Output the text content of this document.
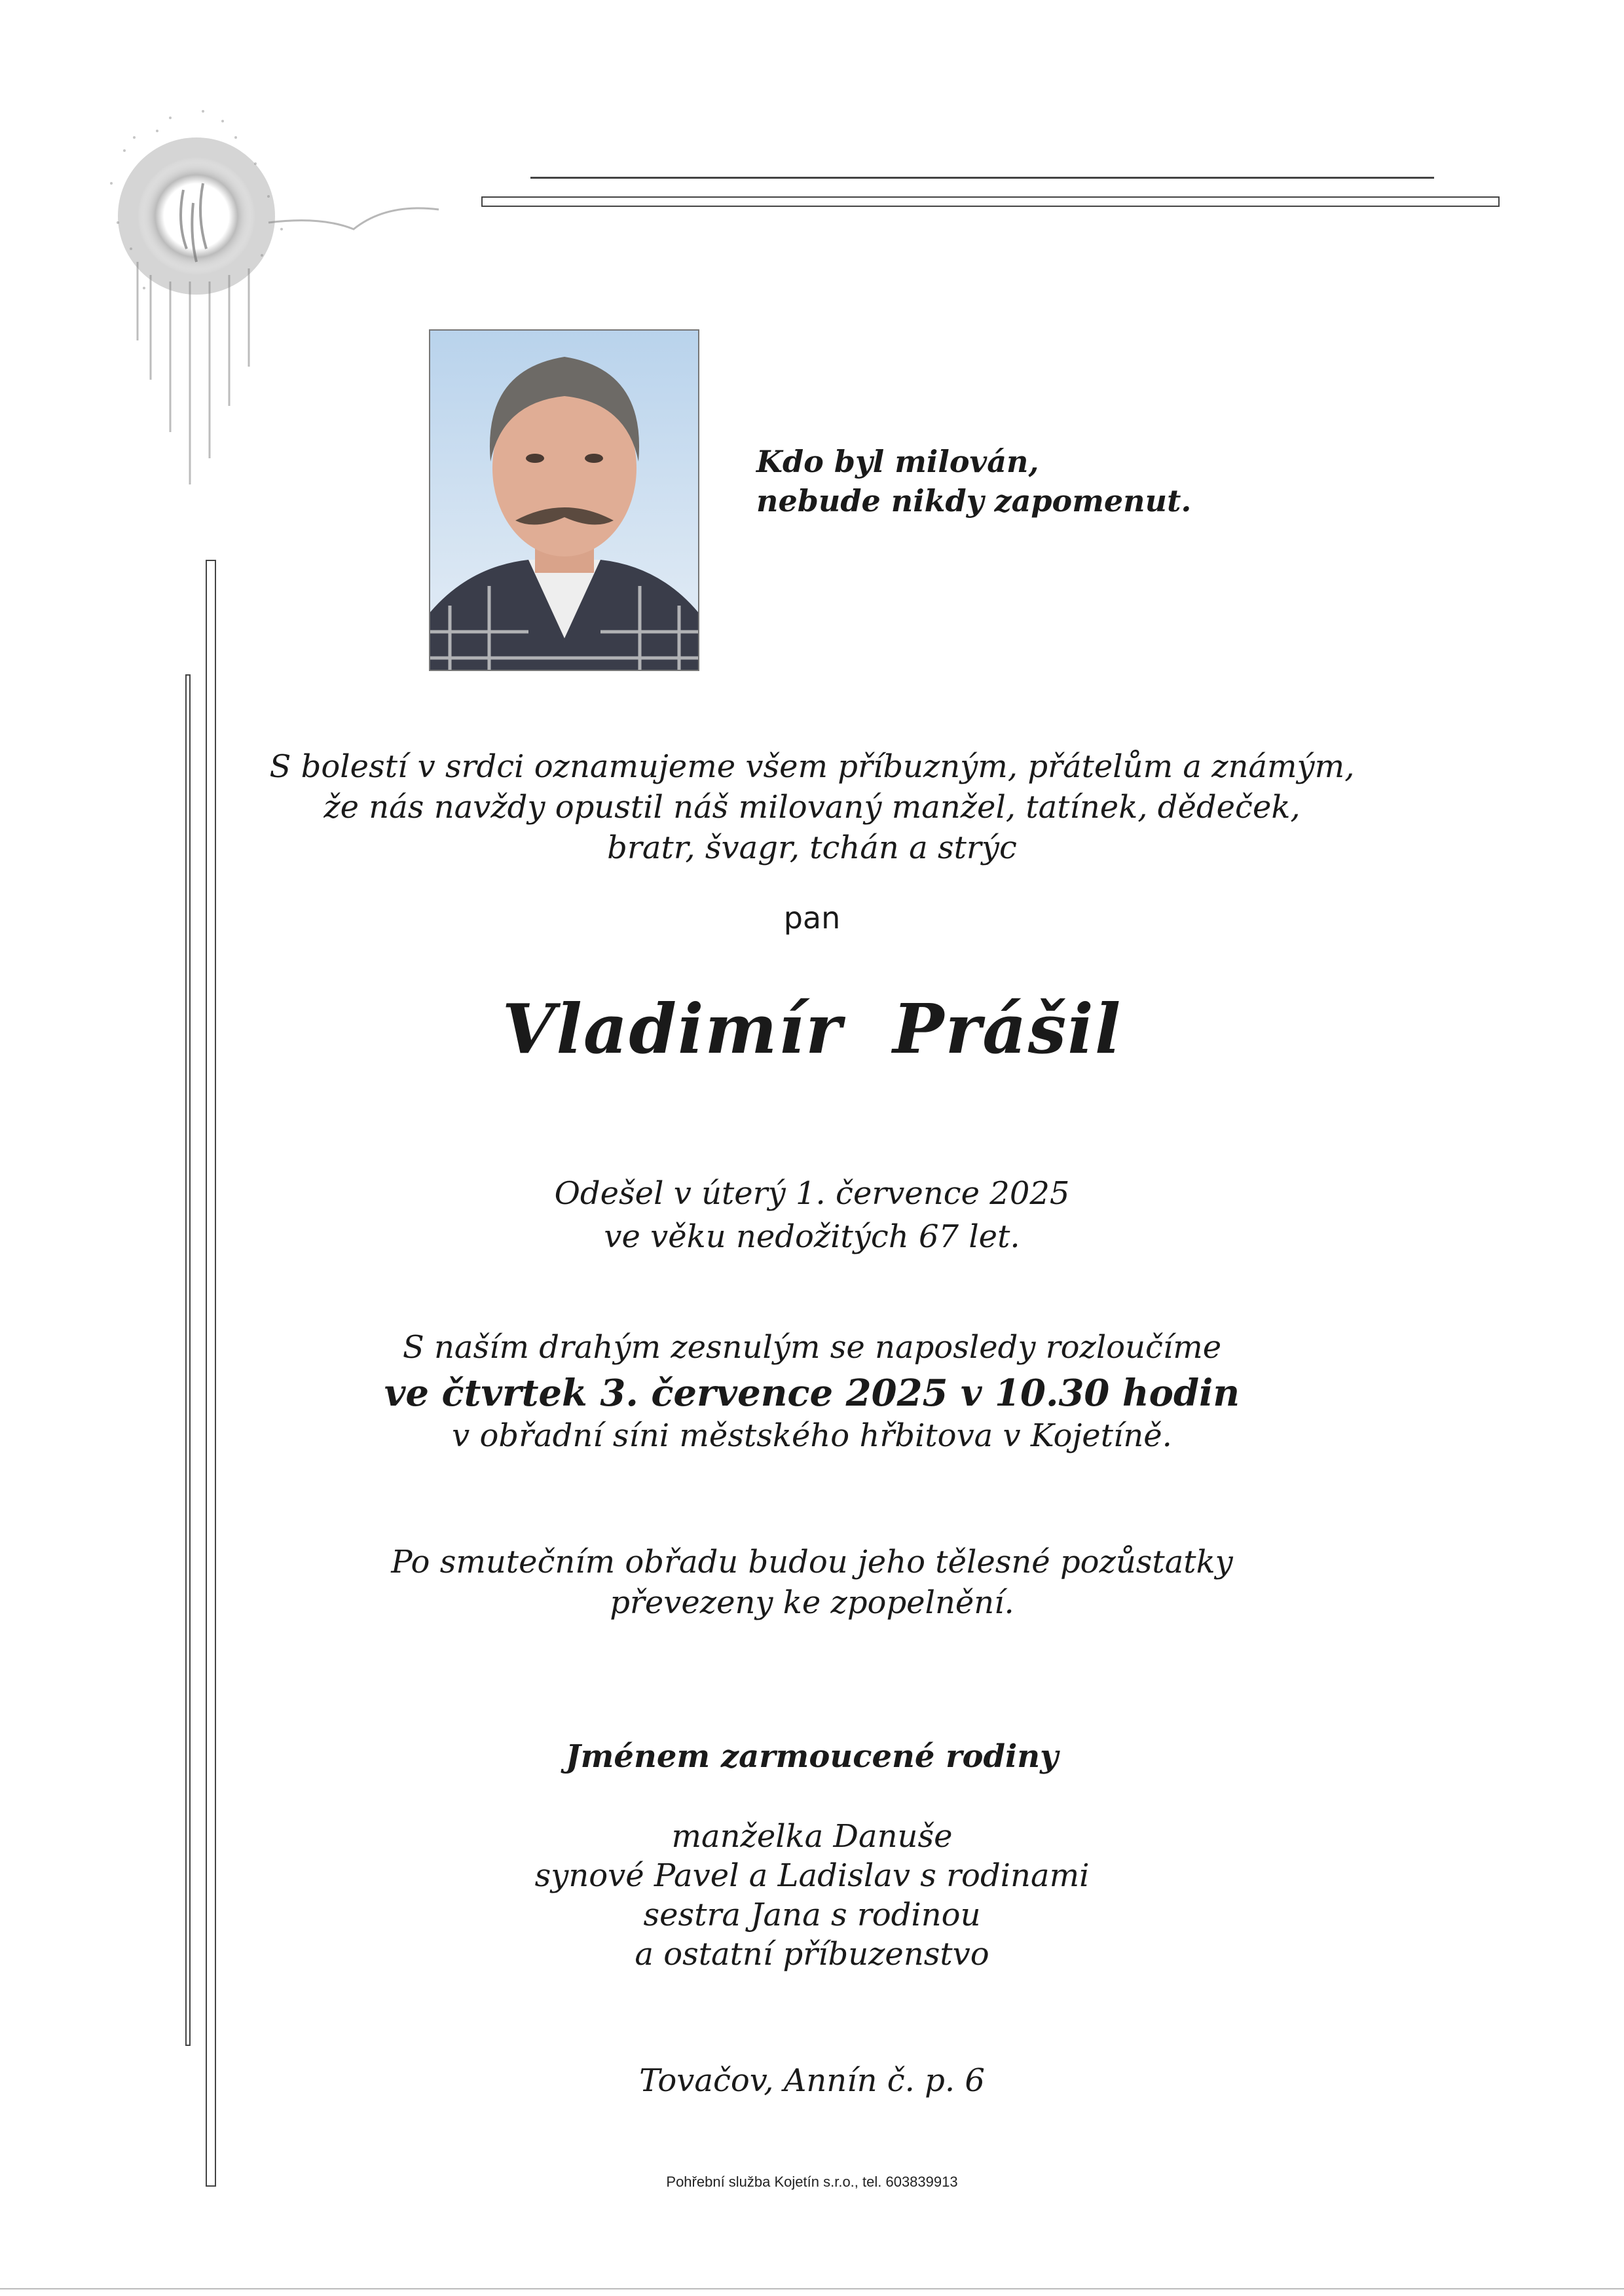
Kdo byl milován,
nebude nikdy zapomenut.
S bolestí v srdci oznamujeme všem příbuzným, přátelům a známým,
že nás navždy opustil náš milovaný manžel, tatínek, dědeček,
bratr, švagr, tchán a strýc
pan
Vladimír  Prášil
Odešel v úterý 1. července 2025
ve věku nedožitých 67 let.
S naším drahým zesnulým se naposledy rozloučíme
ve čtvrtek 3. července 2025 v 10.30 hodin
v obřadní síni městského hřbitova v Kojetíně.
Po smutečním obřadu budou jeho tělesné pozůstatky
převezeny ke zpopelnění.
Jménem zarmoucené rodiny
manželka Danuše
synové Pavel a Ladislav s rodinami
sestra Jana s rodinou
a ostatní příbuzenstvo
Tovačov, Annín č. p. 6
Pohřební služba Kojetín s.r.o., tel. 603839913
